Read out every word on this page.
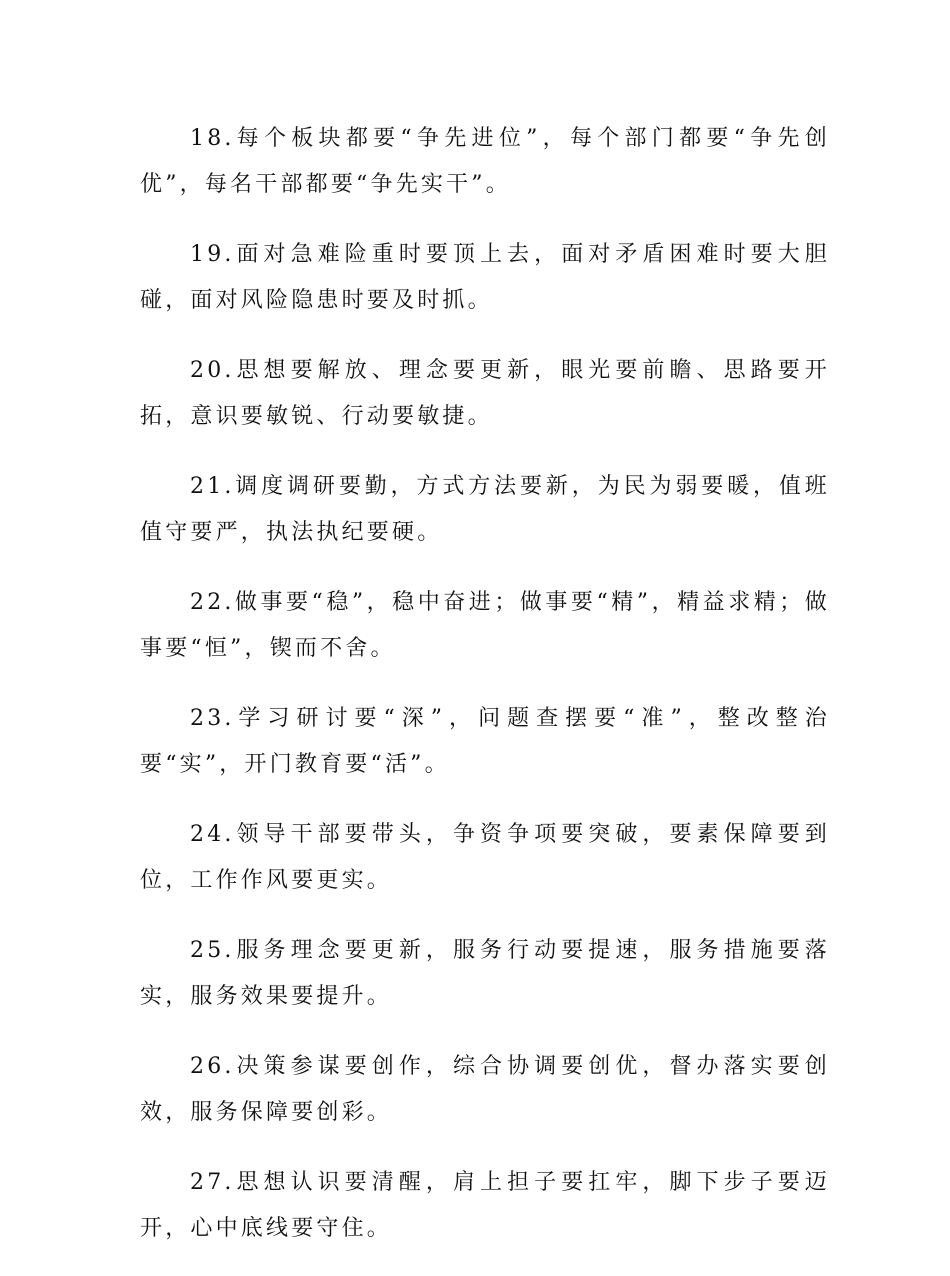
18.每个板块都要“争先进位”，每个部门都要“争先创优”，每名干部都要“争先实干”。

19.面对急难险重时要顶上去，面对矛盾困难时要大胆碰，面对风险隐患时要及时抓。

20.思想要解放、理念要更新，眼光要前瞻、思路要开拓，意识要敏锐、行动要敏捷。

21.调度调研要勤，方式方法要新，为民为弱要暖，值班值守要严，执法执纪要硬。

22.做事要“稳”，稳中奋进；做事要“精”，精益求精；做事要“恒”，锲而不舍。

23.学习研讨要“深”，问题查摆要“准”，整改整治要“实”，开门教育要“活”。

24.领导干部要带头，争资争项要突破，要素保障要到位，工作作风要更实。

25.服务理念要更新，服务行动要提速，服务措施要落实，服务效果要提升。

26.决策参谋要创作，综合协调要创优，督办落实要创效，服务保障要创彩。

27.思想认识要清醒，肩上担子要扛牢，脚下步子要迈开，心中底线要守住。
